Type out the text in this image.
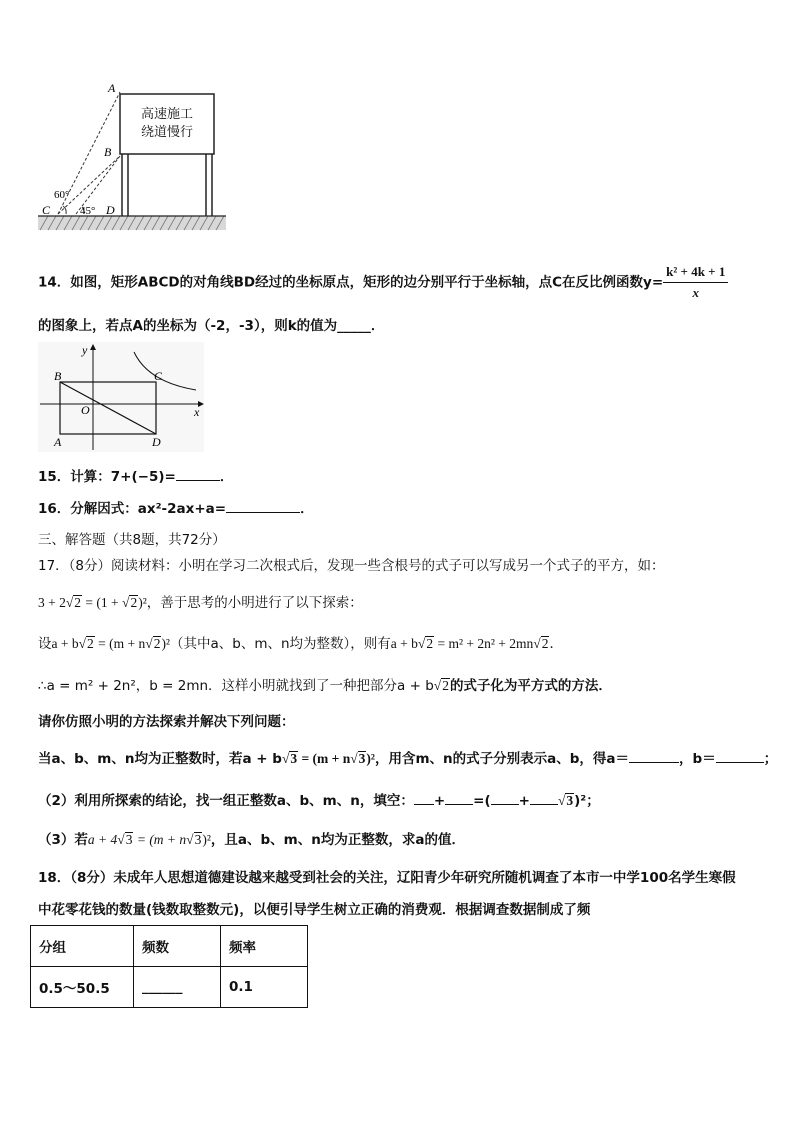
高速施工
绕道慢行
A
B
C	D
60°
45°
14．如图，矩形ABCD的对角线BD经过的坐标原点，矩形的边分别平行于坐标轴，点C在反比例函数$y= \frac{\text{k² + 4k + 1}}{x}$
的图象上，若点A的坐标为（-2，-3），则k的值为_____．
y
x
B	C
O
A	D
15．计算：7+(−5)=	．
16．分解因式：ax²-2ax+a=	．
三、解答题（共8题，共72分）
17．（8分）阅读材料：小明在学习二次根式后，发现一些含根号的式子可以写成另一个式子的平方，如：
3 + 2√2 = (1 + √2)²，善于思考的小明进行了以下探索：
设a + b√2 = (m + n√2)²（其中a、b、m、n均为整数），则有a + b√2 = m² + 2n² + 2mn√2．
∴a = m² + 2n²，b = 2mn．这样小明就找到了一种把部分a + b√2的式子化为平方式的方法．
请你仿照小明的方法探索并解决下列问题：
当a、b、m、n均为正整数时，若a + b√3 = (m + n√3)²，用含m、n的式子分别表示a、b，得a＝	，b＝	；
（2）利用所探索的结论，找一组正整数a、b、m、n，填空： + =( + √3)²；
（3）若a + 4√3 = (m + n√3)²，且a、b、m、n均为正整数，求a的值．
18．（8分）未成年人思想道德建设越来越受到社会的关注，辽阳青少年研究所随机调查了本市一中学100名学生寒假
中花零花钱的数量(钱数取整数元)，以便引导学生树立正确的消费观．根据调查数据制成了频
分组	频数	频率
0.5～50.5	______	0.1
